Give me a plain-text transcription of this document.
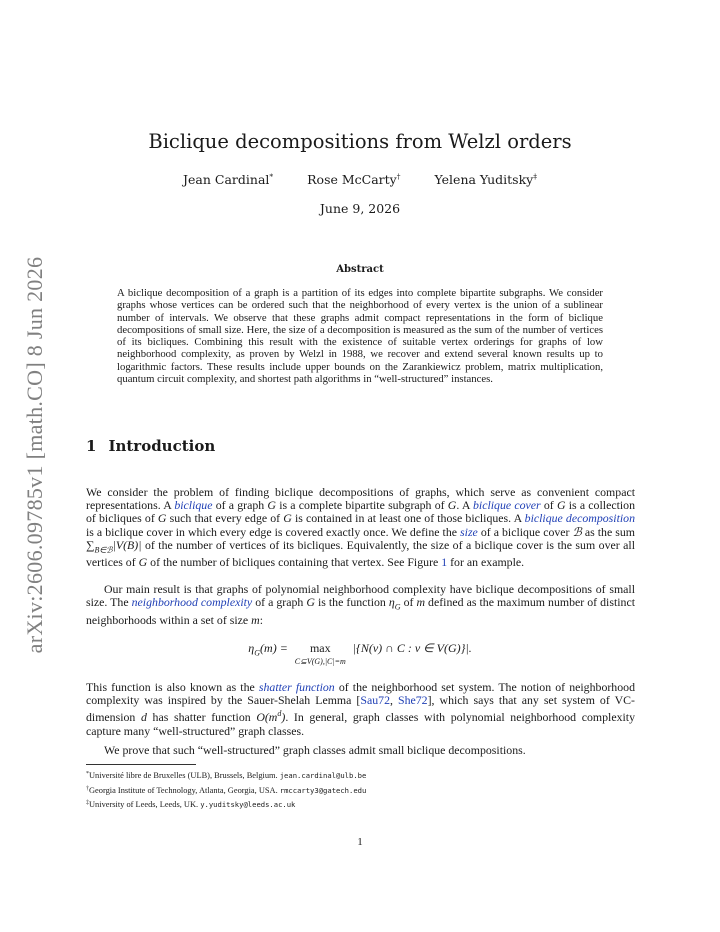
arXiv:2606.09785v1 [math.CO] 8 Jun 2026
Biclique decompositions from Welzl orders
Jean Cardinal*	Rose McCarty†	Yelena Yuditsky‡
June 9, 2026
Abstract
A biclique decomposition of a graph is a partition of its edges into complete bipartite subgraphs. We consider graphs whose vertices can be ordered such that the neighborhood of every vertex is the union of a sublinear number of intervals. We observe that these graphs admit compact representations in the form of biclique decompositions of small size. Here, the size of a decomposition is measured as the sum of the number of vertices of its bicliques. Combining this result with the existence of suitable vertex orderings for graphs of low neighborhood complexity, as proven by Welzl in 1988, we recover and extend several known results up to logarithmic factors. These results include upper bounds on the Zarankiewicz problem, matrix multiplication, quantum circuit complexity, and shortest path algorithms in “well-structured” instances.
1 Introduction
We consider the problem of finding biclique decompositions of graphs, which serve as convenient compact representations. A biclique of a graph G is a complete bipartite subgraph of G. A biclique cover of G is a collection of bicliques of G such that every edge of G is contained in at least one of those bicliques. A biclique decomposition is a biclique cover in which every edge is covered exactly once. We define the size of a biclique cover ℬ as the sum $\sum_{B\in ℬ}|V(B)|$ of the number of vertices of its bicliques. Equivalently, the size of a biclique cover is the sum over all vertices of G of the number of bicliques containing that vertex. See Figure 1 for an example.
Our main result is that graphs of polynomial neighborhood complexity have biclique decompositions of small size. The neighborhood complexity of a graph G is the function $\eta_G$ of m defined as the maximum number of distinct neighborhoods within a set of size m:
$\eta_G(m) = \max$
C⊆V(G),|C|=m
|{N(v) ∩ C : v ∈ V(G)}|.
This function is also known as the shatter function of the neighborhood set system. The notion of neighborhood complexity was inspired by the Sauer-Shelah Lemma [Sau72, She72], which says that any set system of VC-dimension d has shatter function $O(m^d)$. In general, graph classes with polynomial neighborhood complexity capture many “well-structured” graph classes.
We prove that such “well-structured” graph classes admit small biclique decompositions.
*Université libre de Bruxelles (ULB), Brussels, Belgium. jean.cardinal@ulb.be
†Georgia Institute of Technology, Atlanta, Georgia, USA. rmccarty3@gatech.edu
‡University of Leeds, Leeds, UK. y.yuditsky@leeds.ac.uk
1
